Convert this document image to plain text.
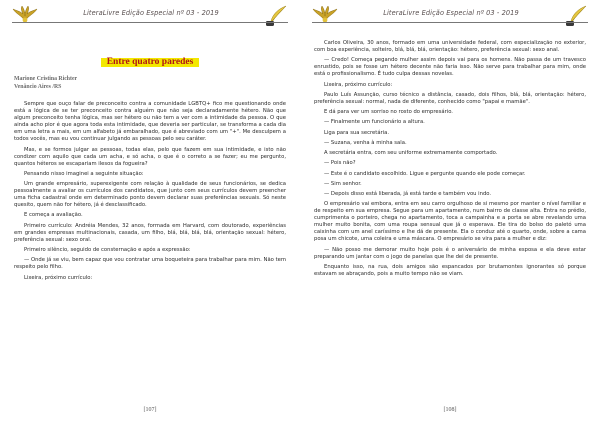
LiteraLivre Edição Especial nº 03 - 2019
Entre quatro paredes

Marione Cristina Richter

Venâncio Aires /RS

Sempre que ouço falar de preconceito contra a comunidade LGBTQ+ fico me questionando onde está a lógica de se ter preconceito contra alguém que não seja declaradamente hétero. Não que algum preconceito tenha lógica, mas ser hétero ou não tem a ver com a intimidade da pessoa. O que ainda acho pior é que agora toda esta intimidade, que deveria ser particular, se transforma a cada dia em uma letra a mais, em um alfabeto já embaralhado, que é abreviado com um "+". Me desculpem a todos vocês, mas eu vou continuar julgando as pessoas pelo seu caráter.

Mas, e se formos julgar as pessoas, todas elas, pelo que fazem em sua intimidade, e isto não condizer com aquilo que cada um acha, e só acha, o que é o correto a se fazer; eu me pergunto, quantos héteros se escapariam ilesos da fogueira?

Pensando nisso imaginei a seguinte situação:

Um grande empresário, superexigente com relação à qualidade de seus funcionários, se dedica pessoalmente a avaliar os currículos dos candidatos, que junto com seus currículos devem preencher uma ficha cadastral onde em determinado ponto devem declarar suas preferências sexuais. Só neste quesito, quem não for hétero, já é desclassificado.

E começa a avaliação.

Primeiro currículo: Andréia Mendes, 32 anos, formada em Harvard, com doutorado, experiências em grandes empresas multinacionais, casada, um filho, blá, blá, blá, blá, orientação sexual: hétero, preferência sexual: sexo oral.

Primeiro silêncio, seguido de consternação e após a expressão:

— Onde já se viu, bem capaz que vou contratar uma boqueteira para trabalhar para mim. Não tem respeito pelo filho.

Lixeira, próximo currículo:

[107]
LiteraLivre Edição Especial nº 03 - 2019

Carlos Oliveira, 30 anos, formado em uma universidade federal, com especialização no exterior, com boa experiência, solteiro, blá, blá, blá, orientação: hétero, preferência sexual: sexo anal.

— Credo! Começa pegando mulher assim depois vai para os homens. Não passa de um travesco enrustido, pois se fosse um hétero decente não faria isso. Não serve para trabalhar para mim, onde está o profissionalismo. É tudo culpa dessas novelas.

Lixeira, próximo currículo:

Paulo Luís Assunção, curso técnico a distância, casado, dois filhos, blá, blá, orientação: hétero, preferência sexual: normal, nada de diferente, conhecido como "papai e mamãe".

E dá para ver um sorriso no rosto do empresário.

— Finalmente um funcionário a altura.

Liga para sua secretária.

— Suzana, venha à minha sala.

A secretária entra, com seu uniforme extremamente comportado.

— Pois não?

— Este é o candidato escolhido. Ligue e pergunte quando ele pode começar.

— Sim senhor.

— Depois disso está liberada, já está tarde e também vou indo.

O empresário vai embora, entra em seu carro orgulhoso de si mesmo por manter o nível familiar e de respeito em sua empresa. Segue para um apartamento, num bairro de classe alta. Entra no prédio, cumprimenta o porteiro, chega no apartamento, toca a campainha e a porta se abre revelando uma mulher muito bonita, com uma roupa sensual que já o esperava. Ele tira do bolso do paletó uma caixinha com um anel caríssimo e lhe dá de presente. Ela o conduz até o quarto, onde, sobre a cama posa um chicote, uma coleira e uma máscara. O empresário se vira para a mulher e diz:

— Não posso me demorar muito hoje pois é o aniversário de minha esposa e ela deve estar preparando um jantar com o jogo de panelas que lhe dei de presente.

Enquanto isso, na rua, dois amigos são espancados por brutamontes ignorantes só porque estavam se abraçando, pois a muito tempo não se viam.

[108]
